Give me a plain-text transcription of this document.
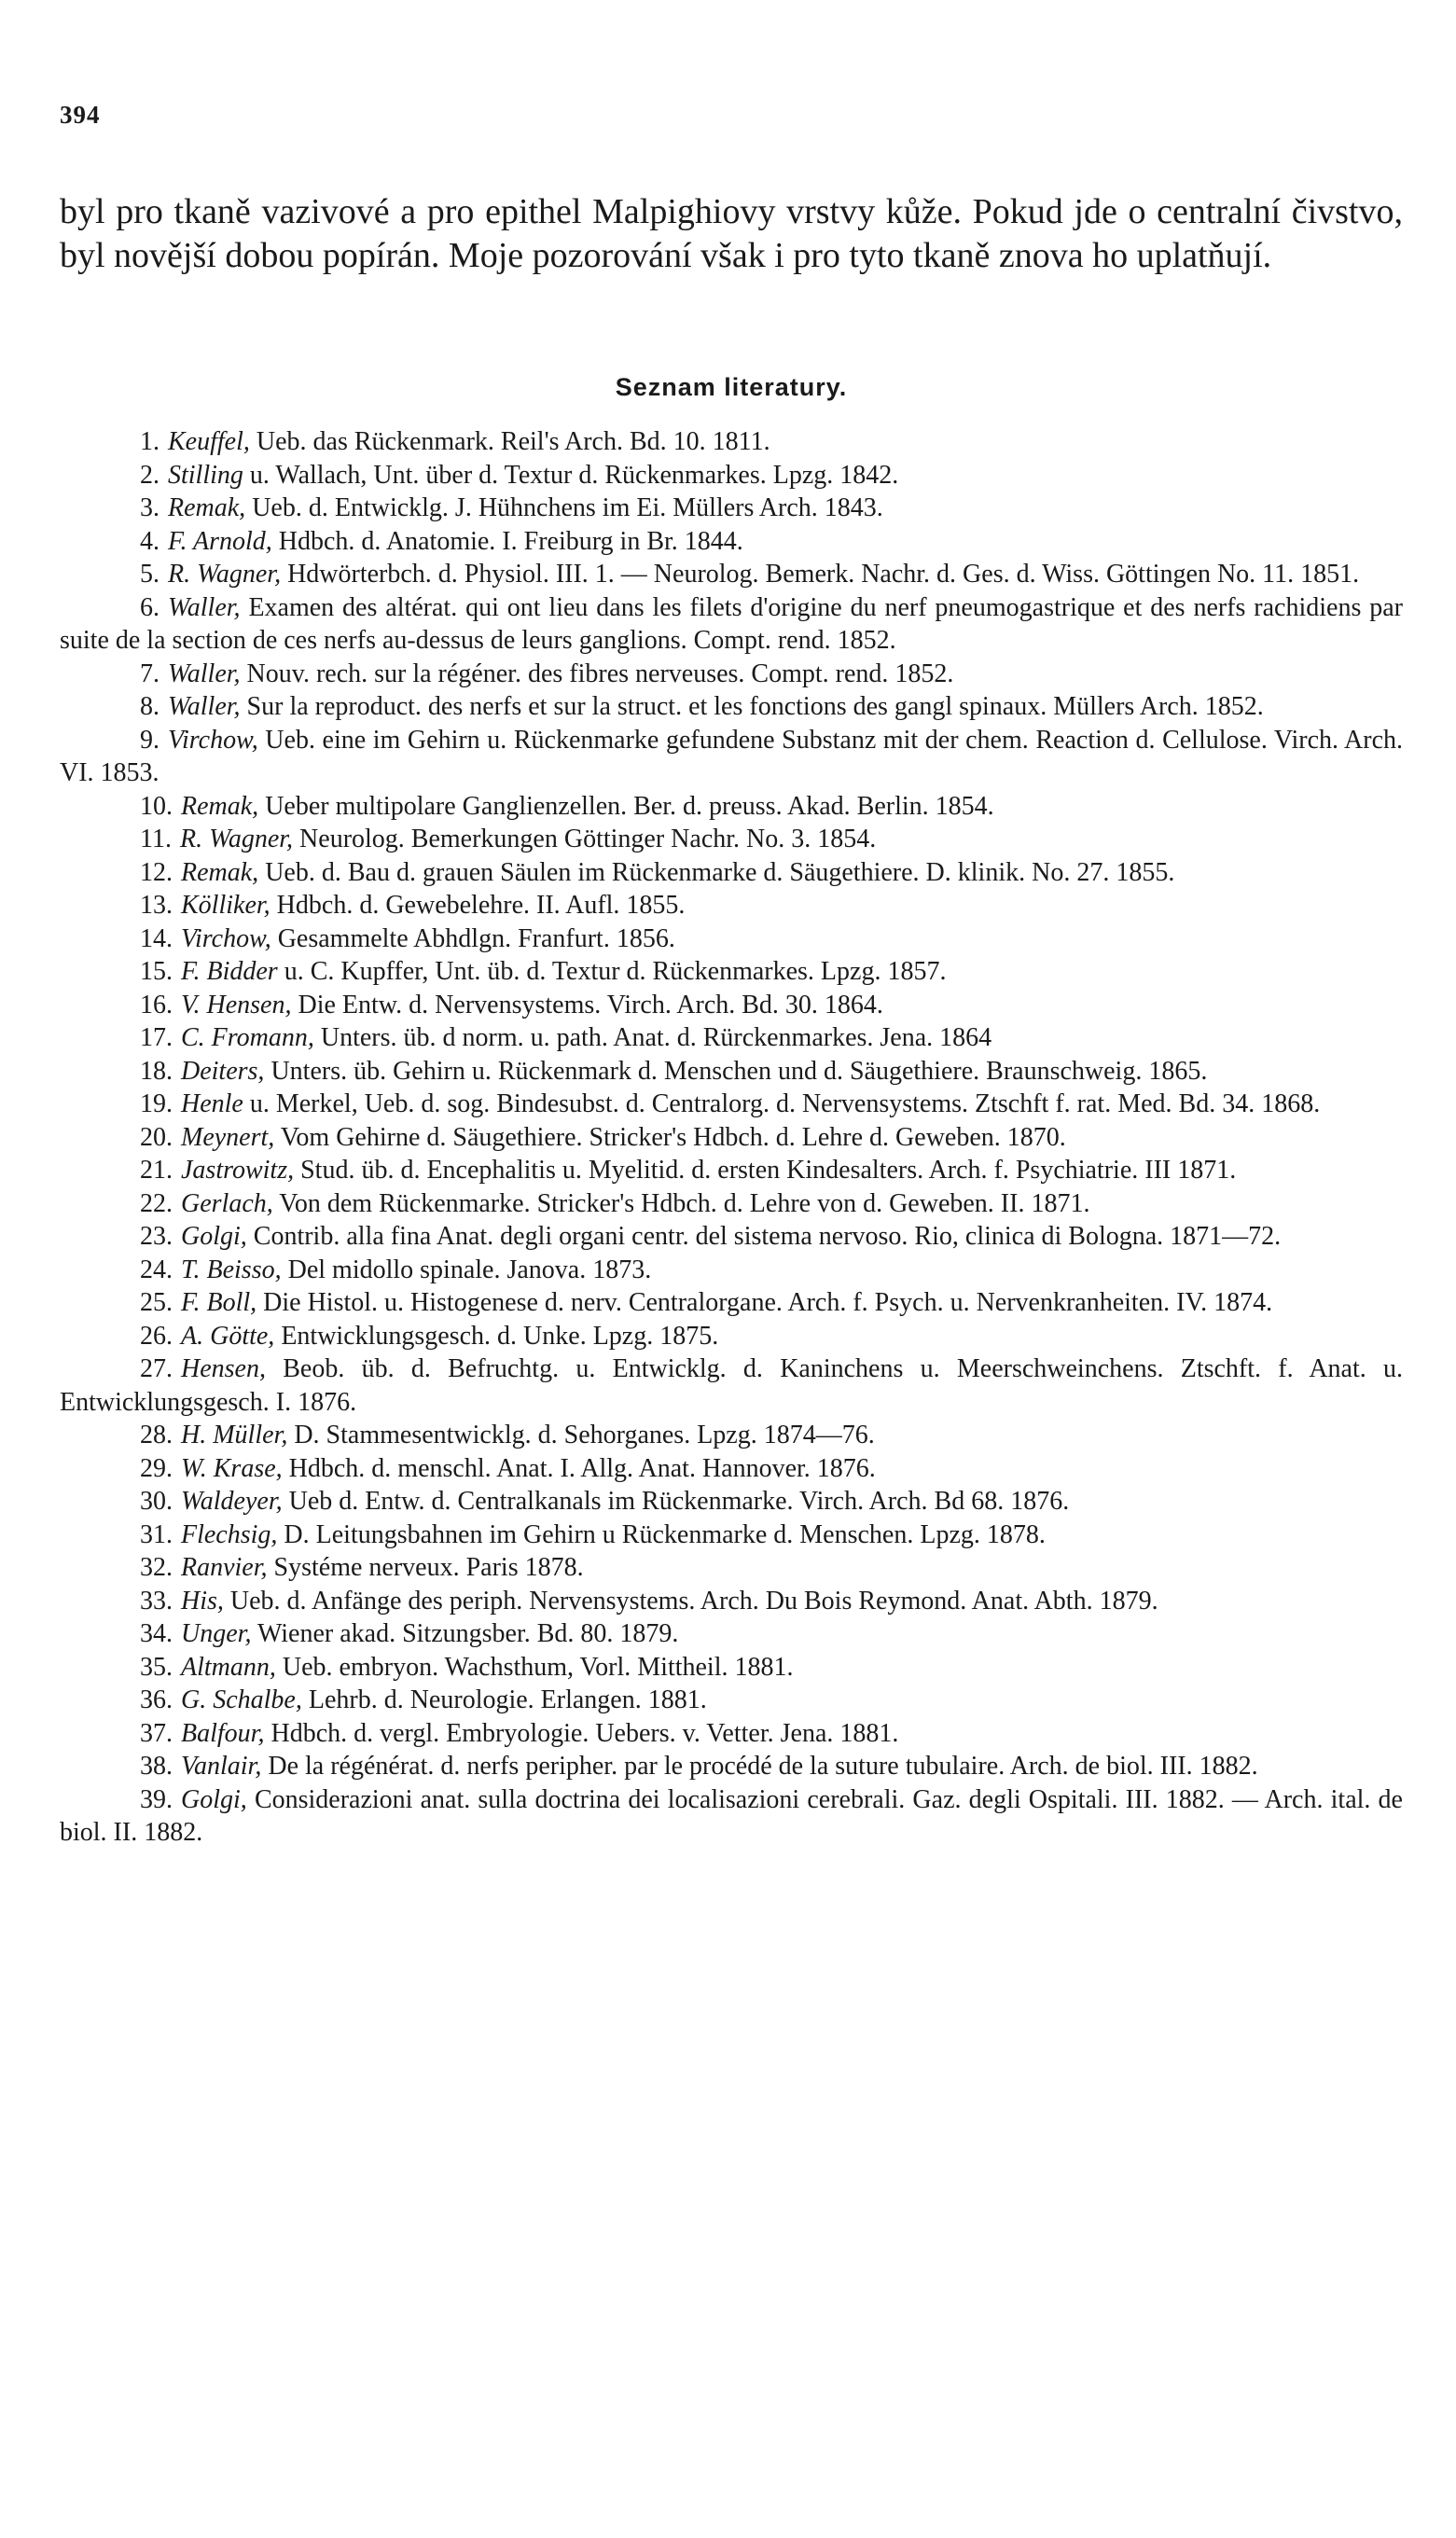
394

byl pro tkaně vazivové a pro epithel Malpighiovy vrstvy kůže. Pokud jde o centralní čivstvo, byl novější dobou popírán. Moje pozorování však i pro tyto tkaně znova ho uplatňují.

Seznam literatury.
1. Keuffel, Ueb. das Rückenmark. Reil's Arch. Bd. 10. 1811.
2. Stilling u. Wallach, Unt. über d. Textur d. Rückenmarkes. Lpzg. 1842.
3. Remak, Ueb. d. Entwicklg. J. Hühnchens im Ei. Müllers Arch. 1843.
4. F. Arnold, Hdbch. d. Anatomie. I. Freiburg in Br. 1844.
5. R. Wagner, Hdwörterbch. d. Physiol. III. 1. — Neurolog. Bemerk. Nachr. d. Ges. d. Wiss. Göttingen No. 11. 1851.
6. Waller, Examen des altérat. qui ont lieu dans les filets d'origine du nerf pneumogastrique et des nerfs rachidiens par suite de la section de ces nerfs au-dessus de leurs ganglions. Compt. rend. 1852.
7. Waller, Nouv. rech. sur la régéner. des fibres nerveuses. Compt. rend. 1852.
8. Waller, Sur la reproduct. des nerfs et sur la struct. et les fonctions des gangl spinaux. Müllers Arch. 1852.
9. Virchow, Ueb. eine im Gehirn u. Rückenmarke gefundene Substanz mit der chem. Reaction d. Cellulose. Virch. Arch. VI. 1853.
10. Remak, Ueber multipolare Ganglienzellen. Ber. d. preuss. Akad. Berlin. 1854.
11. R. Wagner, Neurolog. Bemerkungen Göttinger Nachr. No. 3. 1854.
12. Remak, Ueb. d. Bau d. grauen Säulen im Rückenmarke d. Säugethiere. D. klinik. No. 27. 1855.
13. Kölliker, Hdbch. d. Gewebelehre. II. Aufl. 1855.
14. Virchow, Gesammelte Abhdlgn. Franfurt. 1856.
15. F. Bidder u. C. Kupffer, Unt. üb. d. Textur d. Rückenmarkes. Lpzg. 1857.
16. V. Hensen, Die Entw. d. Nervensystems. Virch. Arch. Bd. 30. 1864.
17. C. Fromann, Unters. üb. d norm. u. path. Anat. d. Rürckenmarkes. Jena. 1864
18. Deiters, Unters. üb. Gehirn u. Rückenmark d. Menschen und d. Säugethiere. Braunschweig. 1865.
19. Henle u. Merkel, Ueb. d. sog. Bindesubst. d. Centralorg. d. Nervensystems. Ztschft f. rat. Med. Bd. 34. 1868.
20. Meynert, Vom Gehirne d. Säugethiere. Stricker's Hdbch. d. Lehre d. Geweben. 1870.
21. Jastrowitz, Stud. üb. d. Encephalitis u. Myelitid. d. ersten Kindesalters. Arch. f. Psychiatrie. III 1871.
22. Gerlach, Von dem Rückenmarke. Stricker's Hdbch. d. Lehre von d. Geweben. II. 1871.
23. Golgi, Contrib. alla fina Anat. degli organi centr. del sistema nervoso. Rio, clinica di Bologna. 1871—72.
24. T. Beisso, Del midollo spinale. Janova. 1873.
25. F. Boll, Die Histol. u. Histogenese d. nerv. Centralorgane. Arch. f. Psych. u. Nervenkranheiten. IV. 1874.
26. A. Götte, Entwicklungsgesch. d. Unke. Lpzg. 1875.
27. Hensen, Beob. üb. d. Befruchtg. u. Entwicklg. d. Kaninchens u. Meerschweinchens. Ztschft. f. Anat. u. Entwicklungsgesch. I. 1876.
28. H. Müller, D. Stammesentwicklg. d. Sehorganes. Lpzg. 1874—76.
29. W. Krase, Hdbch. d. menschl. Anat. I. Allg. Anat. Hannover. 1876.
30. Waldeyer, Ueb d. Entw. d. Centralkanals im Rückenmarke. Virch. Arch. Bd 68. 1876.
31. Flechsig, D. Leitungsbahnen im Gehirn u Rückenmarke d. Menschen. Lpzg. 1878.
32. Ranvier, Systéme nerveux. Paris 1878.
33. His, Ueb. d. Anfänge des periph. Nervensystems. Arch. Du Bois Reymond. Anat. Abth. 1879.
34. Unger, Wiener akad. Sitzungsber. Bd. 80. 1879.
35. Altmann, Ueb. embryon. Wachsthum, Vorl. Mittheil. 1881.
36. G. Schalbe, Lehrb. d. Neurologie. Erlangen. 1881.
37. Balfour, Hdbch. d. vergl. Embryologie. Uebers. v. Vetter. Jena. 1881.
38. Vanlair, De la régénérat. d. nerfs peripher. par le procédé de la suture tubulaire. Arch. de biol. III. 1882.
39. Golgi, Considerazioni anat. sulla doctrina dei localisazioni cerebrali. Gaz. degli Ospitali. III. 1882. — Arch. ital. de biol. II. 1882.
